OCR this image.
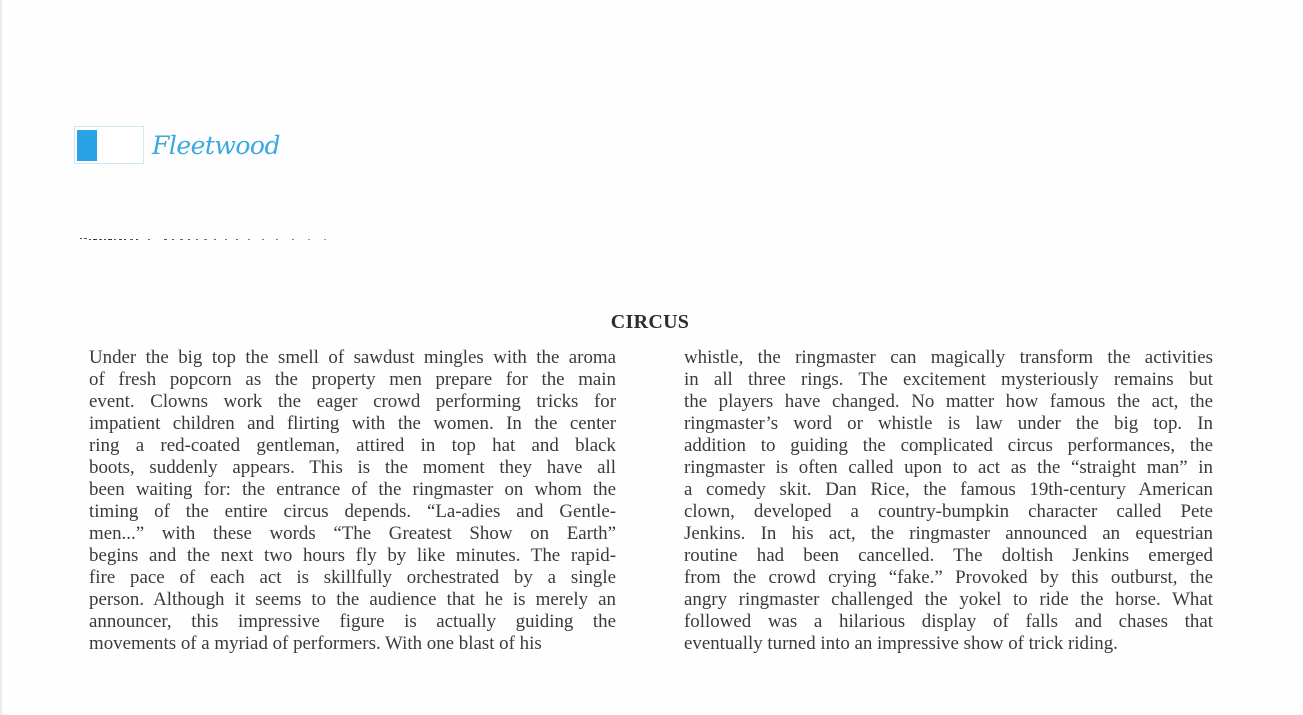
Fleetwood
CIRCUS
Under the big top the smell of sawdust mingles with the aroma
of fresh popcorn as the property men prepare for the main
event. Clowns work the eager crowd performing tricks for
impatient children and flirting with the women. In the center
ring a red-coated gentleman, attired in top hat and black
boots, suddenly appears. This is the moment they have all
been waiting for: the entrance of the ringmaster on whom the
timing of the entire circus depends. “La-adies and Gentle-
men...” with these words “The Greatest Show on Earth”
begins and the next two hours fly by like minutes. The rapid-
fire pace of each act is skillfully orchestrated by a single
person. Although it seems to the audience that he is merely an
announcer, this impressive figure is actually guiding the
movements of a myriad of performers. With one blast of his
whistle, the ringmaster can magically transform the activities
in all three rings. The excitement mysteriously remains but
the players have changed. No matter how famous the act, the
ringmaster’s word or whistle is law under the big top. In
addition to guiding the complicated circus performances, the
ringmaster is often called upon to act as the “straight man” in
a comedy skit. Dan Rice, the famous 19th-century American
clown, developed a country-bumpkin character called Pete
Jenkins. In his act, the ringmaster announced an equestrian
routine had been cancelled. The doltish Jenkins emerged
from the crowd crying “fake.” Provoked by this outburst, the
angry ringmaster challenged the yokel to ride the horse. What
followed was a hilarious display of falls and chases that
eventually turned into an impressive show of trick riding.
